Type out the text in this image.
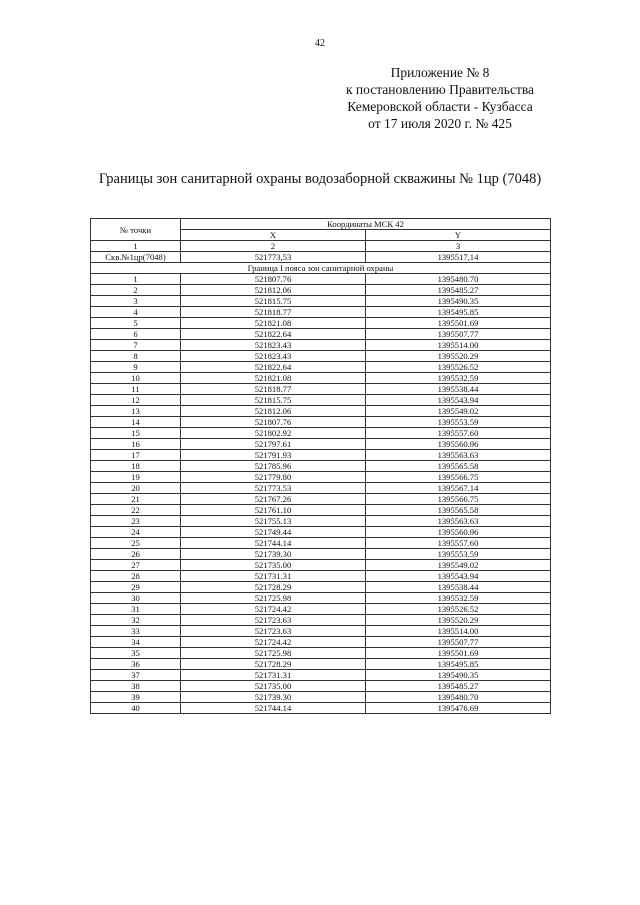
42
Приложение № 8
к постановлению Правительства
Кемеровской области - Кузбасса
от 17 июля 2020 г. № 425
Границы зон санитарной охраны водозаборной скважины № 1цр (7048)
№ точки	Координаты МСК 42	
	X	Y
1	2	3
Скв.№1цр(7048)	521773,53	1395517,14
Граница I пояса зон санитарной охраны		
1	521807.76	1395480.70
2	521812.06	1395485.27
3	521815.75	1395490.35
4	521818.77	1395495.85
5	521821.08	1395501.69
6	521822.64	1395507.77
7	521823.43	1395514.00
8	521823.43	1395520.29
9	521822.64	1395526.52
10	521821.08	1395532.59
11	521818.77	1395538.44
12	521815.75	1395543.94
13	521812.06	1395549.02
14	521807.76	1395553.59
15	521802.92	1395557.60
16	521797.61	1395560.96
17	521791.93	1395563.63
18	521785.96	1395565.58
19	521779.80	1395566.75
20	521773.53	1395567.14
21	521767.26	1395566.75
22	521761.10	1395565.58
23	521755.13	1395563.63
24	521749.44	1395560.96
25	521744.14	1395557.60
26	521739.30	1395553.59
27	521735.00	1395549.02
28	521731.31	1395543.94
29	521728.29	1395538.44
30	521725.98	1395532.59
31	521724.42	1395526.52
32	521723.63	1395520.29
33	521723.63	1395514.00
34	521724.42	1395507.77
35	521725.98	1395501.69
36	521728.29	1395495.85
37	521731.31	1395490.35
38	521735.00	1395485.27
39	521739.30	1395480.70
40	521744.14	1395476.69
